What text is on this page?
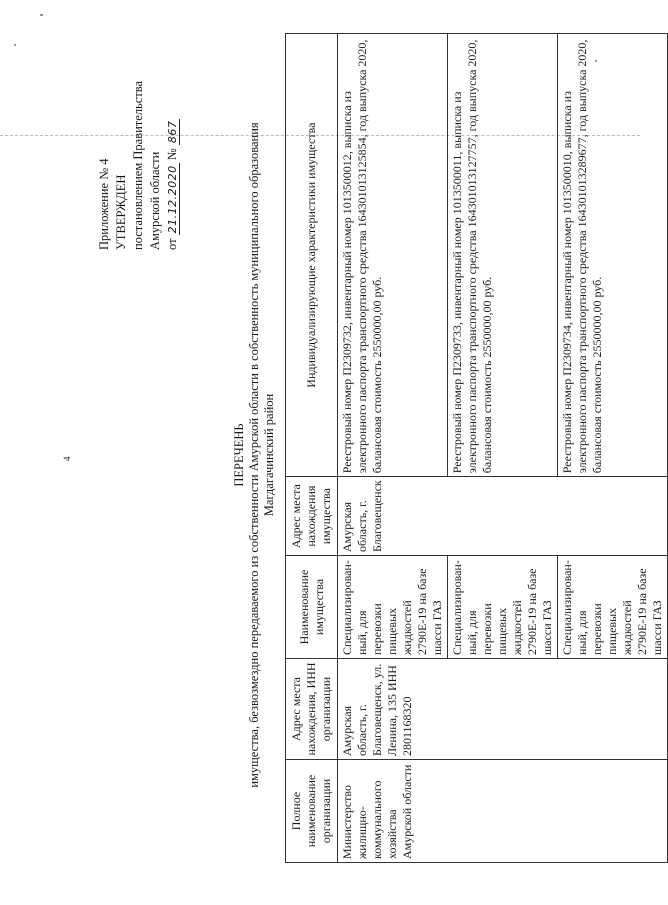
4
Приложение № 4 УТВЕРЖДЕН постановлением Правительства Амурской области от 21.12.2020 № 867
ПЕРЕЧЕНЬ имущества, безвозмездно передаваемого из собственности Амурской области в собственность муниципального образования Магдагачинский район
Полное наименование организации	Адрес места нахождения, ИНН организации	Наименование имущества	Адрес места нахождения имущества	Индивидуализирующие характеристики имущества
Министерство жилищно-коммунального хозяйства Амурской области	Амурская область, г. Благовещенск, ул. Ленина, 135 ИНН 2801168320	Специализирован-ный, для перевозки пищевых жидкостей 2790Е-19 на базе шасси ГАЗ	Амурская область, г. Благовещенск	Реестровый номер П2309732, инвентарный номер 1013500012, выписка из электронного паспорта транспортного средства 164301013125854, год выпуска 2020, балансовая стоимость 2550000,00 руб.
		Специализирован-ный, для перевозки пищевых жидкостей 2790Е-19 на базе шасси ГАЗ		Реестровый номер П2309733, инвентарный номер 1013500011, выписка из электронного паспорта транспортного средства 164301013127757, год выпуска 2020, балансовая стоимость 2550000,00 руб.
		Специализирован-ный, для перевозки пищевых жидкостей 2790Е-19 на базе шасси ГАЗ		Реестровый номер П2309734, инвентарный номер 1013500010, выписка из электронного паспорта транспортного средства 164301013289677, год выпуска 2020, балансовая стоимость 2550000,00 руб.
